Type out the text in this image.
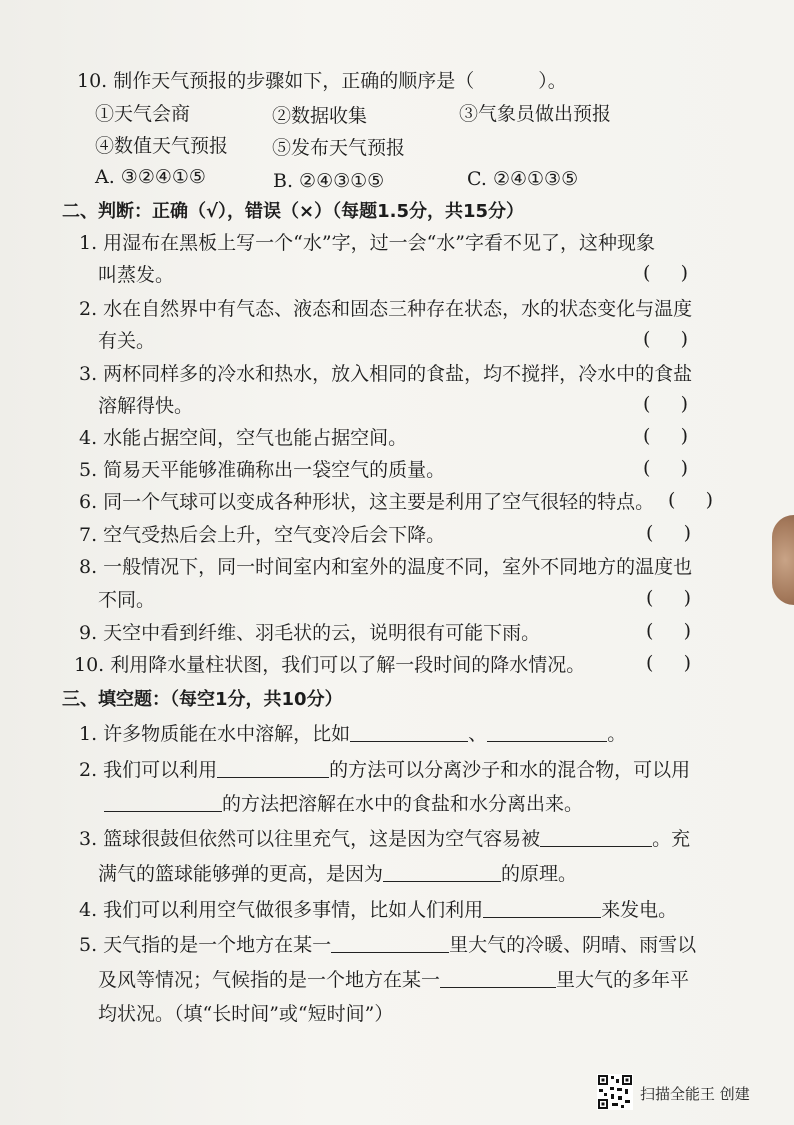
10. 制作天气预报的步骤如下，正确的顺序是（	）。
①天气会商	②数据收集	③气象员做出预报
④数值天气预报 ⑤发布天气预报
A. ③②④①⑤	B. ②④③①⑤	C. ②④①③⑤
二、判断：正确（√），错误（×）（每题1.5分，共15分）
1. 用湿布在黑板上写一个“水”字，过一会“水”字看不见了，这种现象
叫蒸发。	(     )
2. 水在自然界中有气态、液态和固态三种存在状态，水的状态变化与温度
有关。	(     )
3. 两杯同样多的冷水和热水，放入相同的食盐，均不搅拌，冷水中的食盐
溶解得快。	(     )
4. 水能占据空间，空气也能占据空间。	(     )
5. 简易天平能够准确称出一袋空气的质量。	(     )
6. 同一个气球可以变成各种形状，这主要是利用了空气很轻的特点。 (     )
7. 空气受热后会上升，空气变冷后会下降。	(     )
8. 一般情况下，同一时间室内和室外的温度不同，室外不同地方的温度也
不同。	(     )
9. 天空中看到纤维、羽毛状的云，说明很有可能下雨。	(     )
10. 利用降水量柱状图，我们可以了解一段时间的降水情况。	(     )
三、填空题：（每空1分，共10分）
1. 许多物质能在水中溶解，比如	、	。
2. 我们可以利用	的方法可以分离沙子和水的混合物，可以用
的方法把溶解在水中的食盐和水分离出来。
3. 篮球很鼓但依然可以往里充气，这是因为空气容易被	。充
满气的篮球能够弹的更高，是因为	的原理。
4. 我们可以利用空气做很多事情，比如人们利用	来发电。
5. 天气指的是一个地方在某一	里大气的冷暖、阴晴、雨雪以
及风等情况；气候指的是一个地方在某一	里大气的多年平
均状况。（填“长时间”或“短时间”）
扫描全能王 创建
